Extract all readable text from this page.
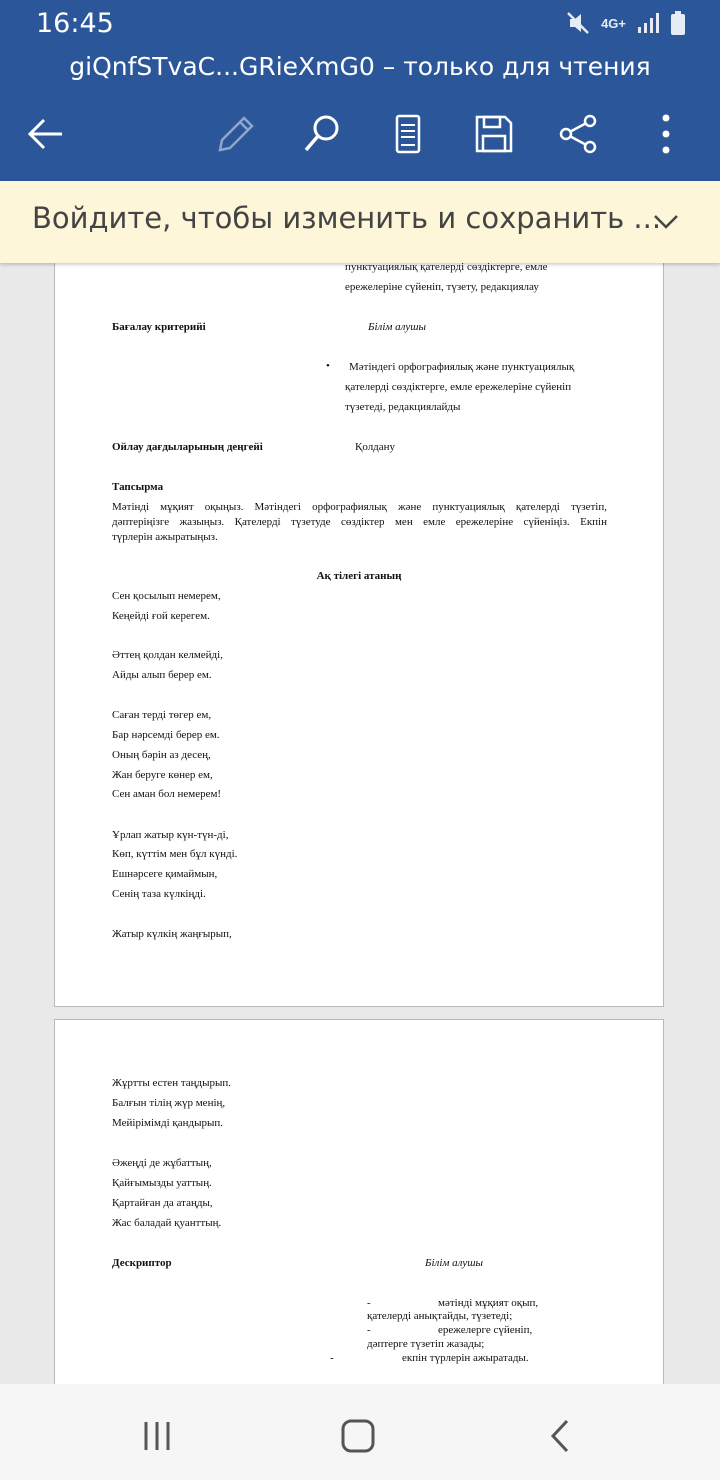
16:45	4G+
giQnfSTvaC...GRieXmG0 – только для чтения
Войдите, чтобы изменить и сохранить ...
пунктуациялық қателерді сөздіктерге, емле
ережелеріне сүйеніп, түзету, редакциялау
Бағалау критерийі	Білім алушы
• Мәтіндегі орфографиялық және пунктуациялық
қателерді сөздіктерге, емле ережелеріне сүйеніп
түзетеді, редакциялайды
Ойлау дағдыларының деңгейі	Қолдану
Тапсырма
Мәтінді мұқият оқыңыз. Мәтіндегі орфографиялық және пунктуациялық қателерді түзетіп,
дәптеріңізге жазыңыз. Қателерді түзетуде сөздіктер мен емле ережелеріне сүйеніңіз. Екпін
түрлерін ажыратыңыз.
Ақ тілегі атаның
Сен қосылып немерем,
Кеңейді ғой керегем.
Әттең қолдан келмейді,
Айды алып берер ем.
Саған терді төгер ем,
Бар нәрсемді берер ем.
Оның бәрін аз десең,
Жан беруге көнер ем,
Сен аман бол немерем!
Ұрлап жатыр күн-түн-ді,
Көп, күттім мен бұл күнді.
Ешнәрсеге қимаймын,
Сенің таза күлкіңді.
Жатыр күлкің жаңғырып,
Жұртты естен таңдырып.
Балғын тілің жүр менің,
Мейірімімді қандырып.
Әжеңді де жұбаттың,
Қайғымызды уаттың.
Қартайған да атаңды,
Жас баладай қуанттың.
Дескриптор	Білім алушы
-	мәтінді мұқият оқып,
қателерді анықтайды, түзетеді;
-	ережелерге сүйеніп,
дәптерге түзетіп жазады;
-	екпін түрлерін ажыратады.
